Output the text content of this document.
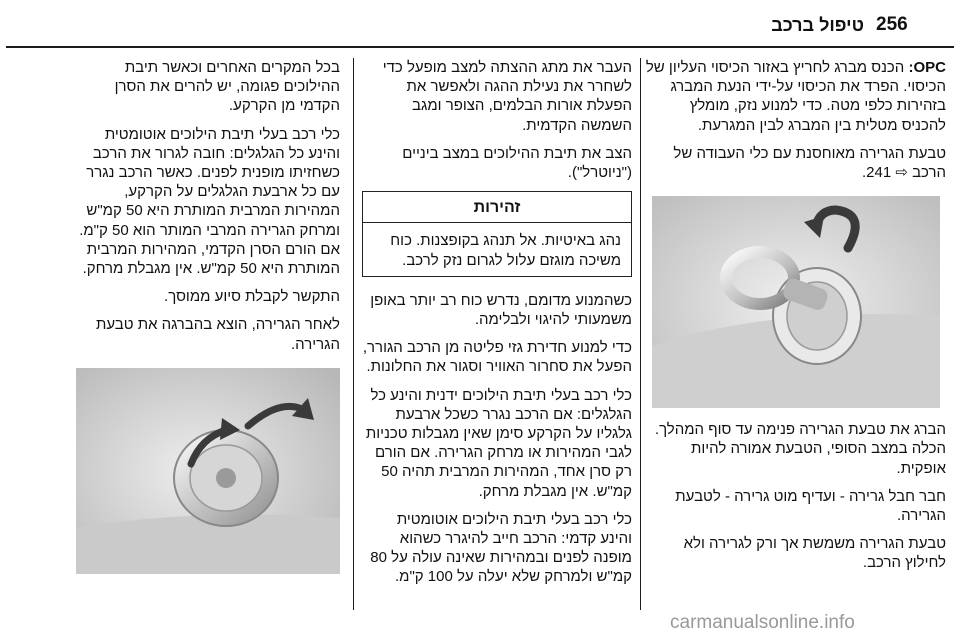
256
טיפול ברכב

OPC: הכנס מברג לחריץ באזור הכיסוי העליון של הכיסוי. הפרד את הכיסוי על-ידי הנעת המברג בזהירות כלפי מטה. כדי למנוע נזק, מומלץ להכניס מטלית בין המברג לבין המגרעת.

טבעת הגרירה מאוחסנת עם כלי העבודה של הרכב ⇨ 241.

הברג את טבעת הגרירה פנימה עד סוף המהלך. הכלה במצב הסופי, הטבעת אמורה להיות אופקית.

חבר חבל גרירה - ועדיף מוט גרירה - לטבעת הגרירה.

טבעת הגרירה משמשת אך ורק לגרירה ולא לחילוץ הרכב.

העבר את מתג ההצתה למצב מופעל כדי לשחרר את נעילת ההגה ולאפשר את הפעלת אורות הבלמים, הצופר ומגב השמשה הקדמית.

הצב את תיבת ההילוכים במצב ביניים ("ניוטרל").

זהירות
נהג באיטיות. אל תנהג בקופצנות. כוח משיכה מוגזם עלול לגרום נזק לרכב.

כשהמנוע מדומם, נדרש כוח רב יותר באופן משמעותי להיגוי ולבלימה.

כדי למנוע חדירת גזי פליטה מן הרכב הגורר, הפעל את סחרור האוויר וסגור את החלונות.

כלי רכב בעלי תיבת הילוכים ידנית והינע כל הגלגלים: אם הרכב נגרר כשכל ארבעת גלגליו על הקרקע סימן שאין מגבלות טכניות לגבי המהירות או מרחק הגרירה. אם הורם רק סרן אחד, המהירות המרבית תהיה 50 קמ"ש. אין מגבלת מרחק.

כלי רכב בעלי תיבת הילוכים אוטומטית והינע קדמי: הרכב חייב להיגרר כשהוא מופנה לפנים ובמהירות שאינה עולה על 80 קמ"ש ולמרחק שלא יעלה על 100 ק"מ.

בכל המקרים האחרים וכאשר תיבת ההילוכים פגומה, יש להרים את הסרן הקדמי מן הקרקע.

כלי רכב בעלי תיבת הילוכים אוטומטית והינע כל הגלגלים: חובה לגרור את הרכב כשחזיתו מופנית לפנים. כאשר הרכב נגרר עם כל ארבעת הגלגלים על הקרקע, המהירות המרבית המותרת היא 50 קמ"ש ומרחק הגרירה המרבי המותר הוא 50 ק"מ. אם הורם הסרן הקדמי, המהירות המרבית המותרת היא 50 קמ"ש. אין מגבלת מרחק.

התקשר לקבלת סיוע ממוסך.

לאחר הגרירה, הוצא בהברגה את טבעת הגרירה.

carmanualsonline.info
